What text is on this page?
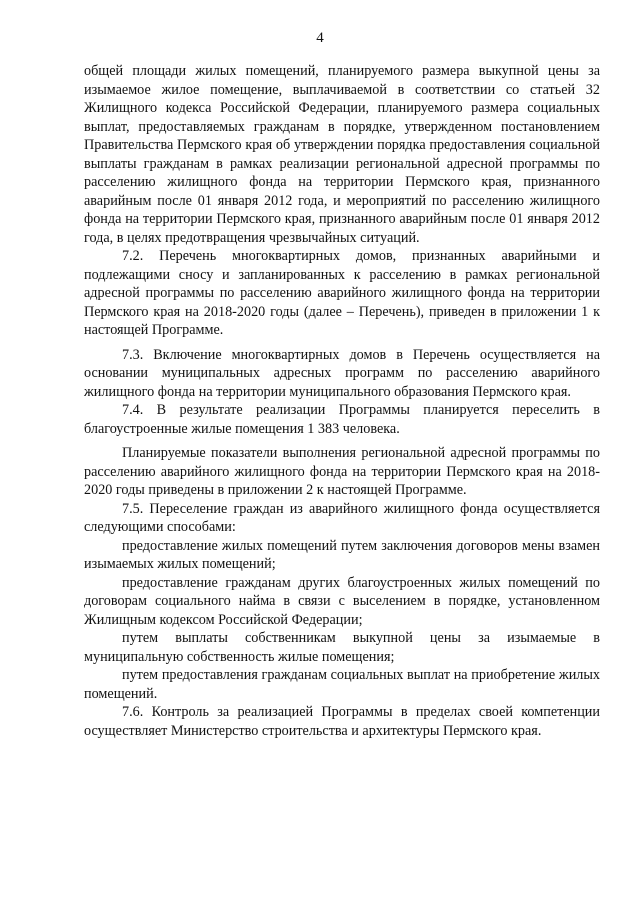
4

общей площади жилых помещений, планируемого размера выкупной цены за изымаемое жилое помещение, выплачиваемой в соответствии со статьей 32 Жилищного кодекса Российской Федерации, планируемого размера социальных выплат, предоставляемых гражданам в порядке, утвержденном постановлением Правительства Пермского края об утверждении порядка предоставления социальной выплаты гражданам в рамках реализации региональной адресной программы по расселению жилищного фонда на территории Пермского края, признанного аварийным после 01 января 2012 года, и мероприятий по расселению жилищного фонда на территории Пермского края, признанного аварийным после 01 января 2012 года, в целях предотвращения чрезвычайных ситуаций.

7.2. Перечень многоквартирных домов, признанных аварийными и подлежащими сносу и запланированных к расселению в рамках региональной адресной программы по расселению аварийного жилищного фонда на территории Пермского края на 2018-2020 годы (далее – Перечень), приведен в приложении 1 к настоящей Программе.

7.3. Включение многоквартирных домов в Перечень осуществляется на основании муниципальных адресных программ по расселению аварийного жилищного фонда на территории муниципального образования Пермского края.

7.4. В результате реализации Программы планируется переселить в благоустроенные жилые помещения 1 383 человека.

Планируемые показатели выполнения региональной адресной программы по расселению аварийного жилищного фонда на территории Пермского края на 2018-2020 годы приведены в приложении 2 к настоящей Программе.

7.5. Переселение граждан из аварийного жилищного фонда осуществляется следующими способами:

предоставление жилых помещений путем заключения договоров мены взамен изымаемых жилых помещений;

предоставление гражданам других благоустроенных жилых помещений по договорам социального найма в связи с выселением в порядке, установленном Жилищным кодексом Российской Федерации;

путем выплаты собственникам выкупной цены за изымаемые в муниципальную собственность жилые помещения;

путем предоставления гражданам социальных выплат на приобретение жилых помещений.

7.6. Контроль за реализацией Программы в пределах своей компетенции осуществляет Министерство строительства и архитектуры Пермского края.
